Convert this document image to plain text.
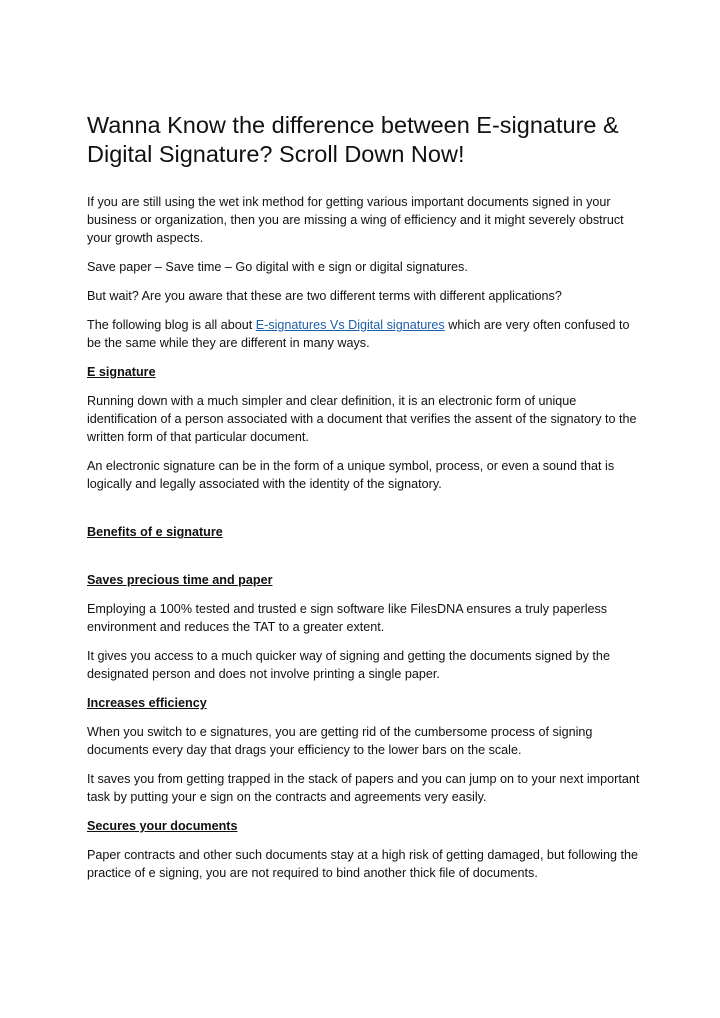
Wanna Know the difference between E-signature & Digital Signature? Scroll Down Now!

If you are still using the wet ink method for getting various important documents signed in your business or organization, then you are missing a wing of efficiency and it might severely obstruct your growth aspects.

Save paper – Save time – Go digital with e sign or digital signatures.

But wait? Are you aware that these are two different terms with different applications?

The following blog is all about E-signatures Vs Digital signatures which are very often confused to be the same while they are different in many ways.

E signature

Running down with a much simpler and clear definition, it is an electronic form of unique identification of a person associated with a document that verifies the assent of the signatory to the written form of that particular document.

An electronic signature can be in the form of a unique symbol, process, or even a sound that is logically and legally associated with the identity of the signatory.

Benefits of e signature

Saves precious time and paper

Employing a 100% tested and trusted e sign software like FilesDNA ensures a truly paperless environment and reduces the TAT to a greater extent.

It gives you access to a much quicker way of signing and getting the documents signed by the designated person and does not involve printing a single paper.

Increases efficiency

When you switch to e signatures, you are getting rid of the cumbersome process of signing documents every day that drags your efficiency to the lower bars on the scale.

It saves you from getting trapped in the stack of papers and you can jump on to your next important task by putting your e sign on the contracts and agreements very easily.

Secures your documents

Paper contracts and other such documents stay at a high risk of getting damaged, but following the practice of e signing, you are not required to bind another thick file of documents.
